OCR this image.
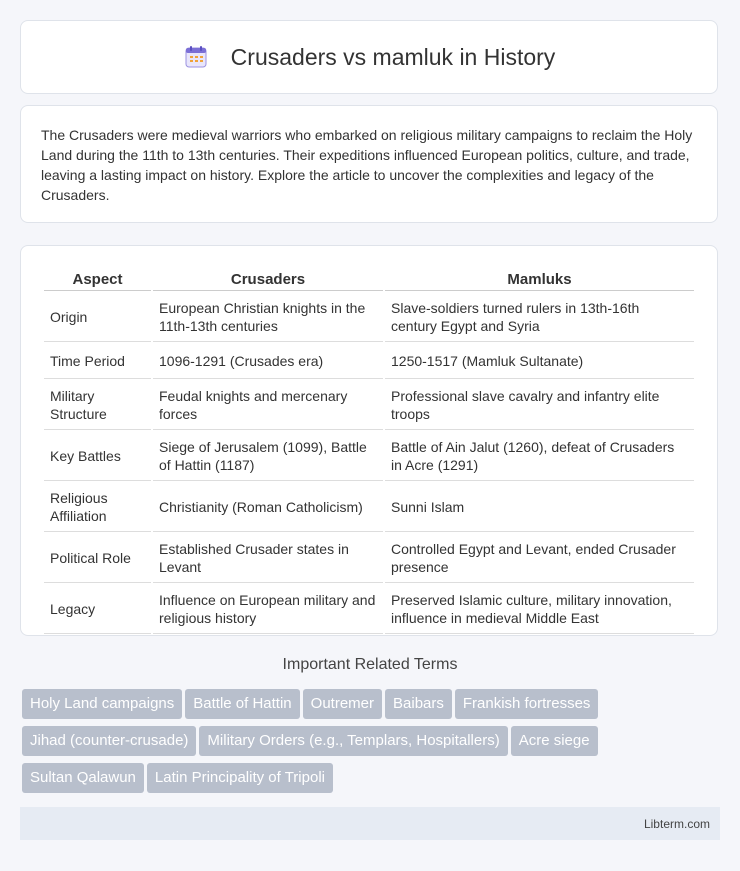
Crusaders vs mamluk in History
The Crusaders were medieval warriors who embarked on religious military campaigns to reclaim the Holy Land during the 11th to 13th centuries. Their expeditions influenced European politics, culture, and trade, leaving a lasting impact on history. Explore the article to uncover the complexities and legacy of the Crusaders.
Aspect	Crusaders	Mamluks
Origin	European Christian knights in the 11th-13th centuries	Slave-soldiers turned rulers in 13th-16th century Egypt and Syria
Time Period	1096-1291 (Crusades era)	1250-1517 (Mamluk Sultanate)
Military Structure	Feudal knights and mercenary forces	Professional slave cavalry and infantry elite troops
Key Battles	Siege of Jerusalem (1099), Battle of Hattin (1187)	Battle of Ain Jalut (1260), defeat of Crusaders in Acre (1291)
Religious Affiliation	Christianity (Roman Catholicism)	Sunni Islam
Political Role	Established Crusader states in Levant	Controlled Egypt and Levant, ended Crusader presence
Legacy	Influence on European military and religious history	Preserved Islamic culture, military innovation, influence in medieval Middle East
Important Related Terms
Holy Land campaigns Battle of Hattin Outremer Baibars Frankish fortresses
Jihad (counter-crusade) Military Orders (e.g., Templars, Hospitallers) Acre siege
Sultan Qalawun Latin Principality of Tripoli
Libterm.com
